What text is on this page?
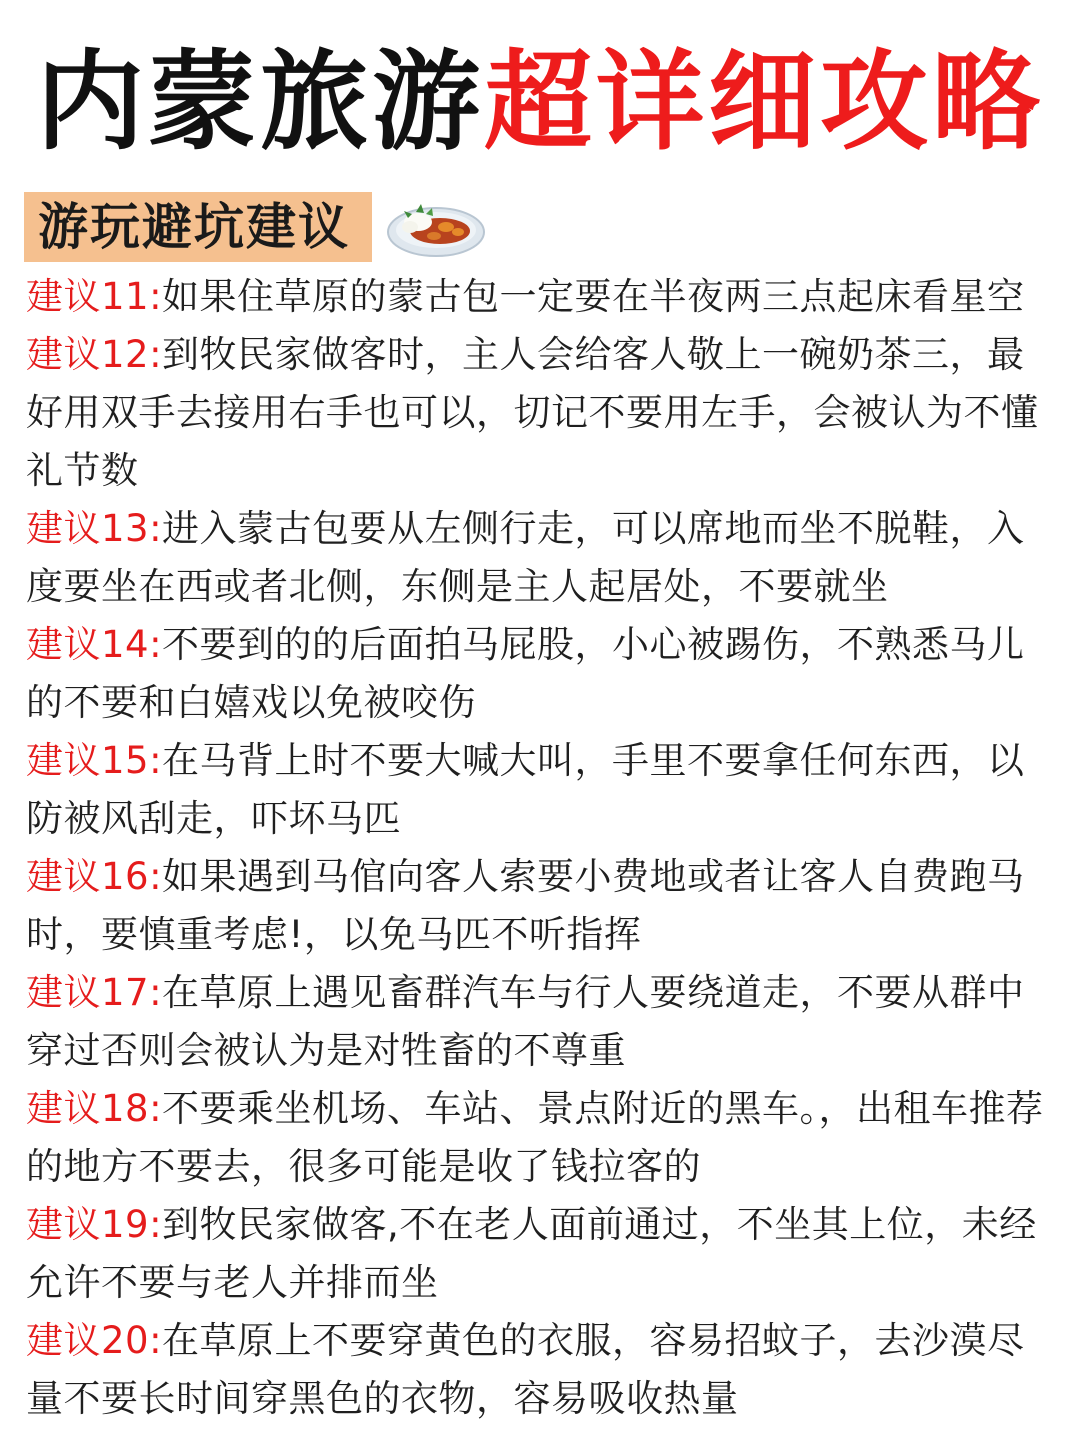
内蒙旅游超详细攻略
游玩避坑建议
建议11:如果住草原的蒙古包一定要在半夜两三点起床看星空
建议12:到牧民家做客时，主人会给客人敬上一碗奶茶三，最好用双手去接用右手也可以，切记不要用左手，会被认为不懂礼节数
建议13:进入蒙古包要从左侧行走，可以席地而坐不脱鞋，入度要坐在西或者北侧，东侧是主人起居处，不要就坐
建议14:不要到的的后面拍马屁股，小心被踢伤，不熟悉马儿的不要和白嬉戏以免被咬伤
建议15:在马背上时不要大喊大叫，手里不要拿任何东西，以防被风刮走，吓坏马匹
建议16:如果遇到马倌向客人索要小费地或者让客人自费跑马时，要慎重考虑!，以免马匹不听指挥
建议17:在草原上遇见畜群汽车与行人要绕道走，不要从群中穿过否则会被认为是对牲畜的不尊重
建议18:不要乘坐机场、车站、景点附近的黑车。，出租车推荐的地方不要去，很多可能是收了钱拉客的
建议19:到牧民家做客,不在老人面前通过，不坐其上位，未经允许不要与老人并排而坐
建议20:在草原上不要穿黄色的衣服，容易招蚊子，去沙漠尽量不要长时间穿黑色的衣物，容易吸收热量
